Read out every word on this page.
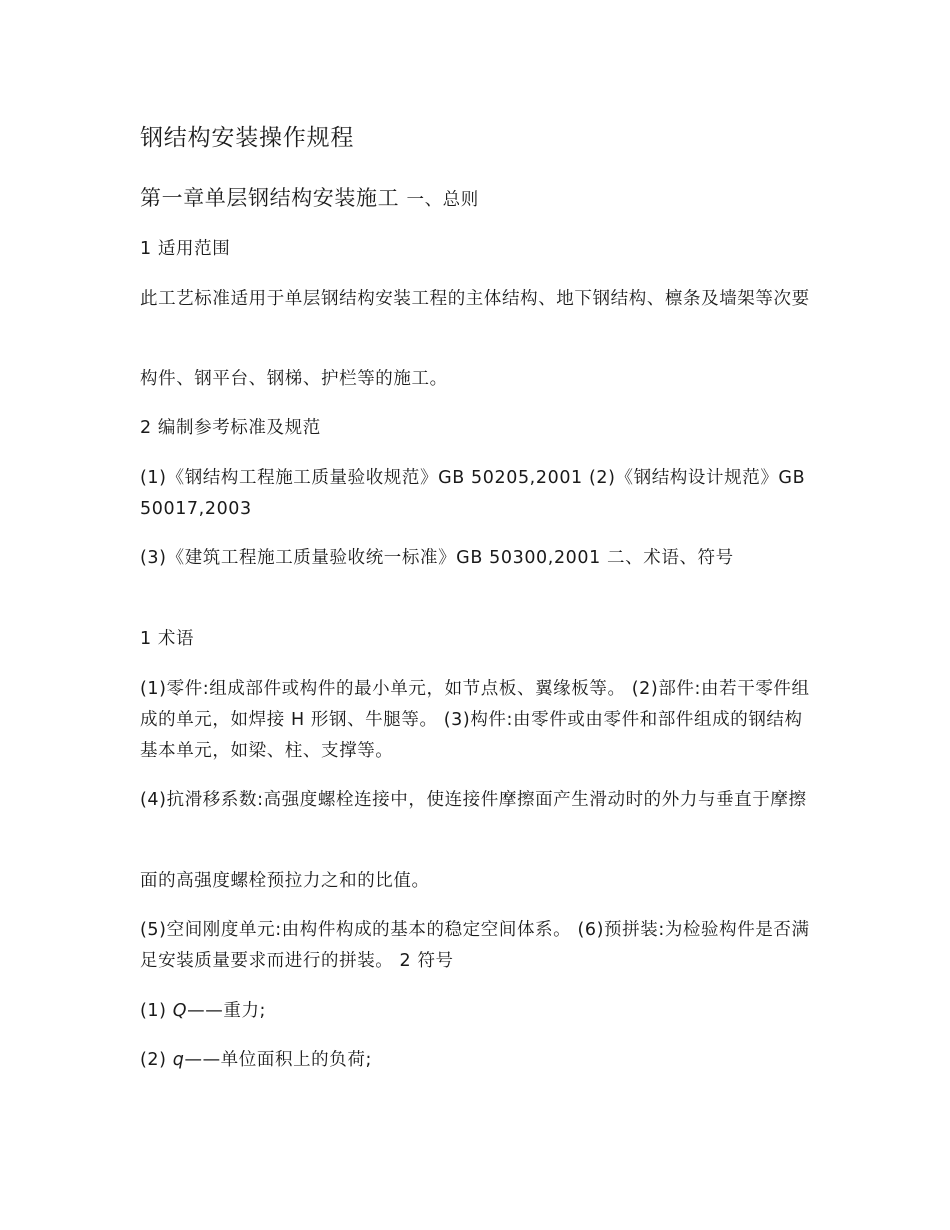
钢结构安装操作规程
第一章单层钢结构安装施工 一、总则

1 适用范围

此工艺标准适用于单层钢结构安装工程的主体结构、地下钢结构、檩条及墙架等次要

构件、钢平台、钢梯、护栏等的施工。

2 编制参考标准及规范

(1)《钢结构工程施工质量验收规范》GB 50205,2001 (2)《钢结构设计规范》GB 50017,2003

(3)《建筑工程施工质量验收统一标准》GB 50300,2001 二、术语、符号

1 术语

(1)零件:组成部件或构件的最小单元，如节点板、翼缘板等。 (2)部件:由若干零件组成的单元，如焊接 H 形钢、牛腿等。 (3)构件:由零件或由零件和部件组成的钢结构基本单元，如梁、柱、支撑等。

(4)抗滑移系数:高强度螺栓连接中，使连接件摩擦面产生滑动时的外力与垂直于摩擦

面的高强度螺栓预拉力之和的比值。

(5)空间刚度单元:由构件构成的基本的稳定空间体系。 (6)预拼装:为检验构件是否满足安装质量要求而进行的拼装。 2 符号

(1) Q——重力;

(2) q——单位面积上的负荷;
